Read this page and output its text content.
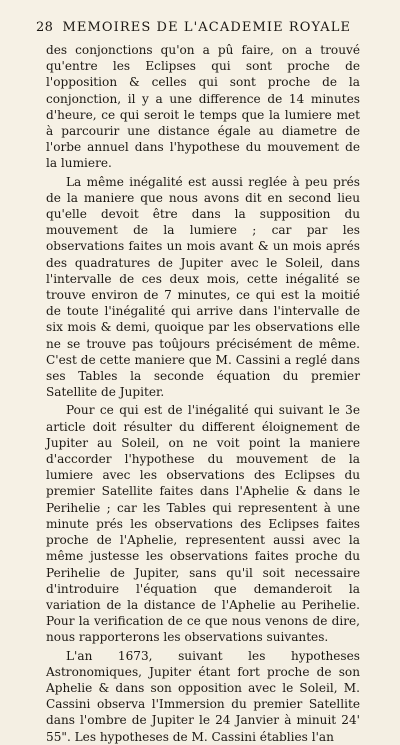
28 MEMOIRES DE L'ACADEMIE ROYALE

des conjonctions qu'on a pû faire, on a trouvé qu'entre les Eclipses qui sont proche de l'opposition & celles qui sont proche de la conjonction, il y a une difference de 14 minutes d'heure, ce qui seroit le temps que la lumiere met à parcourir une distance égale au diametre de l'orbe annuel dans l'hypothese du mouvement de la lumiere.

La même inégalité est aussi reglée à peu prés de la maniere que nous avons dit en second lieu qu'elle devoit être dans la supposition du mouvement de la lumiere ; car par les observations faites un mois avant & un mois aprés des quadratures de Jupiter avec le Soleil, dans l'intervalle de ces deux mois, cette inégalité se trouve environ de 7 minutes, ce qui est la moitié de toute l'inégalité qui arrive dans l'intervalle de six mois & demi, quoique par les observations elle ne se trouve pas toûjours précisément de même. C'est de cette maniere que M. Cassini a reglé dans ses Tables la seconde équation du premier Satellite de Jupiter.

Pour ce qui est de l'inégalité qui suivant le 3e article doit résulter du different éloignement de Jupiter au Soleil, on ne voit point la maniere d'accorder l'hypothese du mouvement de la lumiere avec les observations des Eclipses du premier Satellite faites dans l'Aphelie & dans le Perihelie ; car les Tables qui representent à une minute prés les observations des Eclipses faites proche de l'Aphelie, representent aussi avec la même justesse les observations faites proche du Perihelie de Jupiter, sans qu'il soit necessaire d'introduire l'équation que demanderoit la variation de la distance de l'Aphelie au Perihelie. Pour la verification de ce que nous venons de dire, nous rapporterons les observations suivantes.

L'an 1673, suivant les hypotheses Astronomiques, Jupiter étant fort proche de son Aphelie & dans son opposition avec le Soleil, M. Cassini observa l'Immersion du premier Satellite dans l'ombre de Jupiter le 24 Janvier à minuit 24' 55". Les hypotheses de M. Cassini établies l'an
